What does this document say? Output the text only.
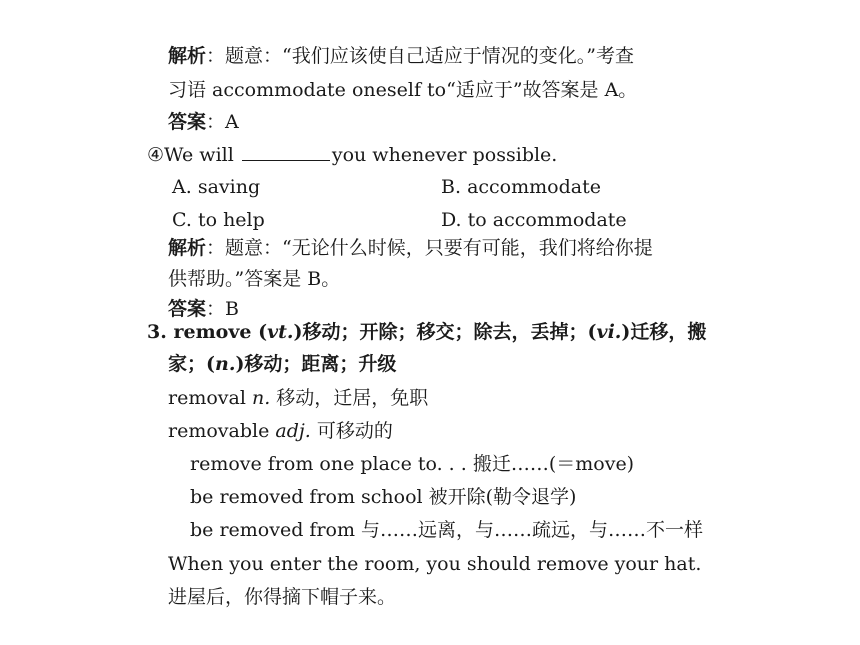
解析：题意：“我们应该使自己适应于情况的变化。”考查
习语 accommodate oneself to“适应于”故答案是 A。
答案：A
④We will	you whenever possible.
A. saving	B. accommodate
C. to help	D. to accommodate
解析：题意：“无论什么时候，只要有可能，我们将给你提
供帮助。”答案是 B。
答案：B
3. remove (vt.)移动；开除；移交；除去，丢掉；(vi.)迁移，搬
家；(n.)移动；距离；升级
removal n. 移动，迁居，免职
removable adj. 可移动的
remove from one place to. . . 搬迁……(＝move)
be removed from school 被开除(勒令退学)
be removed from 与……远离，与……疏远，与……不一样
When you enter the room, you should remove your hat.
进屋后，你得摘下帽子来。
